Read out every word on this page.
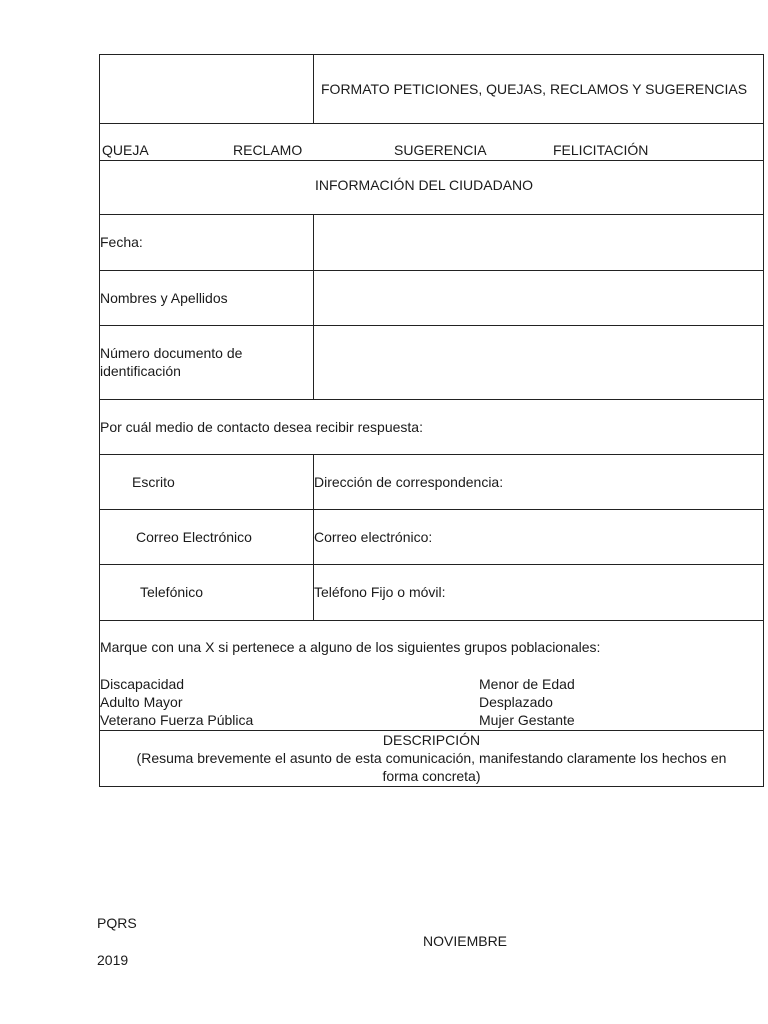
FORMATO PETICIONES, QUEJAS, RECLAMOS Y SUGERENCIAS
QUEJA	RECLAMO	SUGERENCIA	FELICITACIÓN
INFORMACIÓN DEL CIUDADANO
Fecha:
Nombres y Apellidos
Número documento de
identificación
Por cuál medio de contacto desea recibir respuesta:
Escrito	Dirección de correspondencia:
Correo Electrónico	Correo electrónico:
Telefónico	Teléfono Fijo o móvil:
Marque con una X si pertenece a alguno de los siguientes grupos poblacionales:
Discapacidad
Adulto Mayor
Veterano Fuerza Pública
Menor de Edad
Desplazado
Mujer Gestante
DESCRIPCIÓN
(Resuma brevemente el asunto de esta comunicación, manifestando claramente los hechos en
forma concreta)
PQRS
NOVIEMBRE
2019
